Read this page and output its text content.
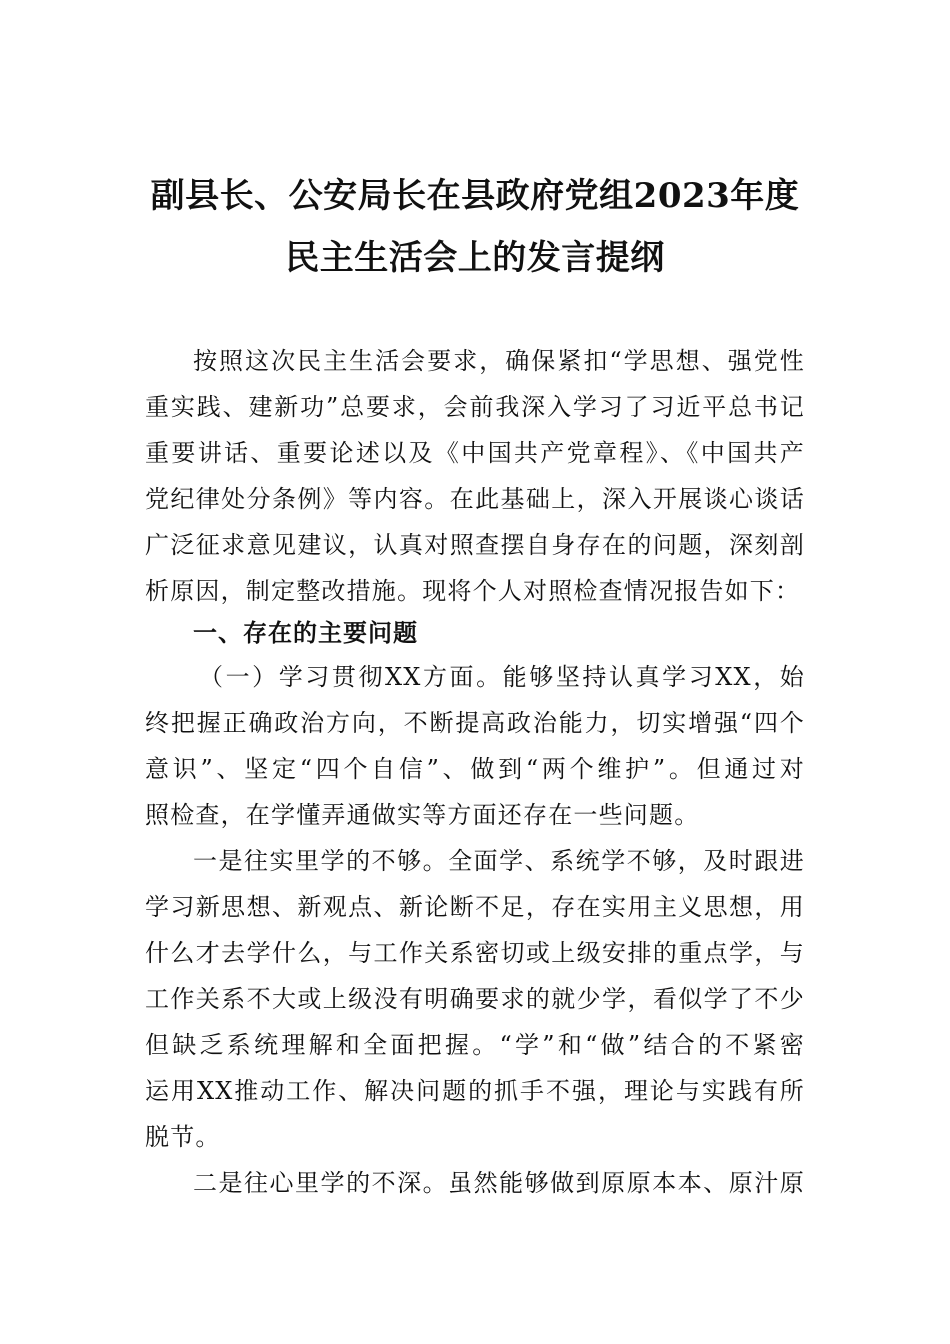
副县长、公安局长在县政府党组2023年度
民主生活会上的发言提纲
按照这次民主生活会要求，确保紧扣“学思想、强党性
重实践、建新功”总要求，会前我深入学习了习近平总书记
重要讲话、重要论述以及《中国共产党章程》、《中国共产
党纪律处分条例》等内容。在此基础上，深入开展谈心谈话
广泛征求意见建议，认真对照查摆自身存在的问题，深刻剖
析原因，制定整改措施。现将个人对照检查情况报告如下：
一、存在的主要问题
（一）学习贯彻XX方面。能够坚持认真学习XX，始
终把握正确政治方向，不断提高政治能力，切实增强“四个
意识”、坚定“四个自信”、做到“两个维护”。但通过对
照检查，在学懂弄通做实等方面还存在一些问题。
一是往实里学的不够。全面学、系统学不够，及时跟进
学习新思想、新观点、新论断不足，存在实用主义思想，用
什么才去学什么，与工作关系密切或上级安排的重点学，与
工作关系不大或上级没有明确要求的就少学，看似学了不少
但缺乏系统理解和全面把握。“学”和“做”结合的不紧密
运用XX推动工作、解决问题的抓手不强，理论与实践有所
脱节。
二是往心里学的不深。虽然能够做到原原本本、原汁原
